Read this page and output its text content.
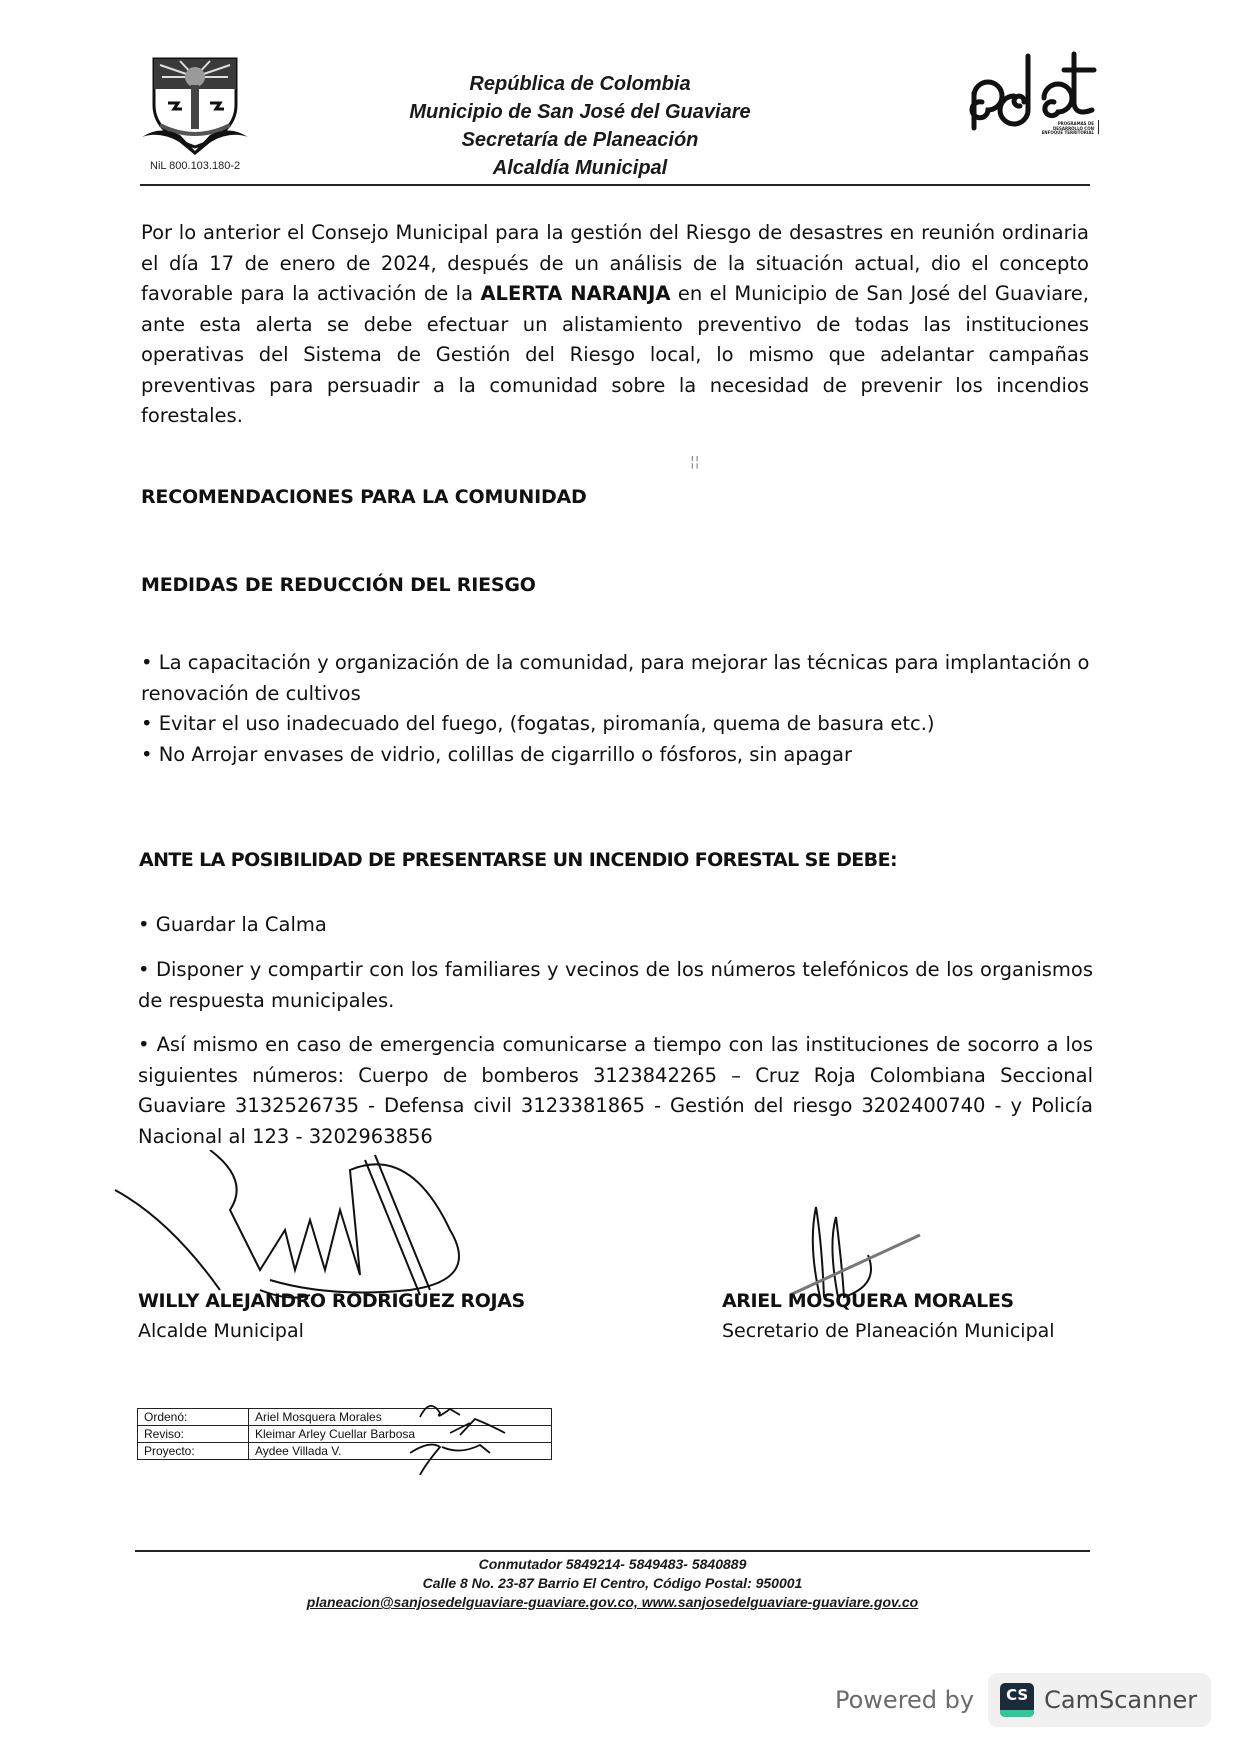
NiL 800.103.180-2
República de Colombia
Municipio de San José del Guaviare
Secretaría de Planeación
Alcaldía Municipal
PROGRAMAS DE DESARROLLO CON ENFOQUE TERRITORIAL
Por lo anterior el Consejo Municipal para la gestión del Riesgo de desastres en reunión ordinaria el día 17 de enero de 2024, después de un análisis de la situación actual, dio el concepto favorable para la activación de la ALERTA NARANJA en el Municipio de San José del Guaviare, ante esta alerta se debe efectuar un alistamiento preventivo de todas las instituciones operativas del Sistema de Gestión del Riesgo local, lo mismo que adelantar campañas preventivas para persuadir a la comunidad sobre la necesidad de prevenir los incendios forestales.
¦¦
RECOMENDACIONES PARA LA COMUNIDAD
MEDIDAS DE REDUCCIÓN DEL RIESGO
• La capacitación y organización de la comunidad, para mejorar las técnicas para implantación o renovación de cultivos
• Evitar el uso inadecuado del fuego, (fogatas, piromanía, quema de basura etc.)
• No Arrojar envases de vidrio, colillas de cigarrillo o fósforos, sin apagar
ANTE LA POSIBILIDAD DE PRESENTARSE UN INCENDIO FORESTAL SE DEBE:
• Guardar la Calma
• Disponer y compartir con los familiares y vecinos de los números telefónicos de los organismos de respuesta municipales.
• Así mismo en caso de emergencia comunicarse a tiempo con las instituciones de socorro a los siguientes números: Cuerpo de bomberos 3123842265 – Cruz Roja Colombiana Seccional Guaviare 3132526735 - Defensa civil 3123381865 - Gestión del riesgo 3202400740 - y Policía Nacional al 123 - 3202963856
WILLY ALEJANDRO RODRIGUEZ ROJAS
Alcalde Municipal
ARIEL MOSQUERA MORALES
Secretario de Planeación Municipal
Ordenó:	Ariel Mosquera Morales
Reviso:	Kleimar Arley Cuellar Barbosa
Proyecto:	Aydee Villada V.
Conmutador 5849214- 5849483- 5840889
Calle 8 No. 23-87 Barrio El Centro, Código Postal: 950001
planeacion@sanjosedelguaviare-guaviare.gov.co, www.sanjosedelguaviare-guaviare.gov.co
Powered by	CS CamScanner
